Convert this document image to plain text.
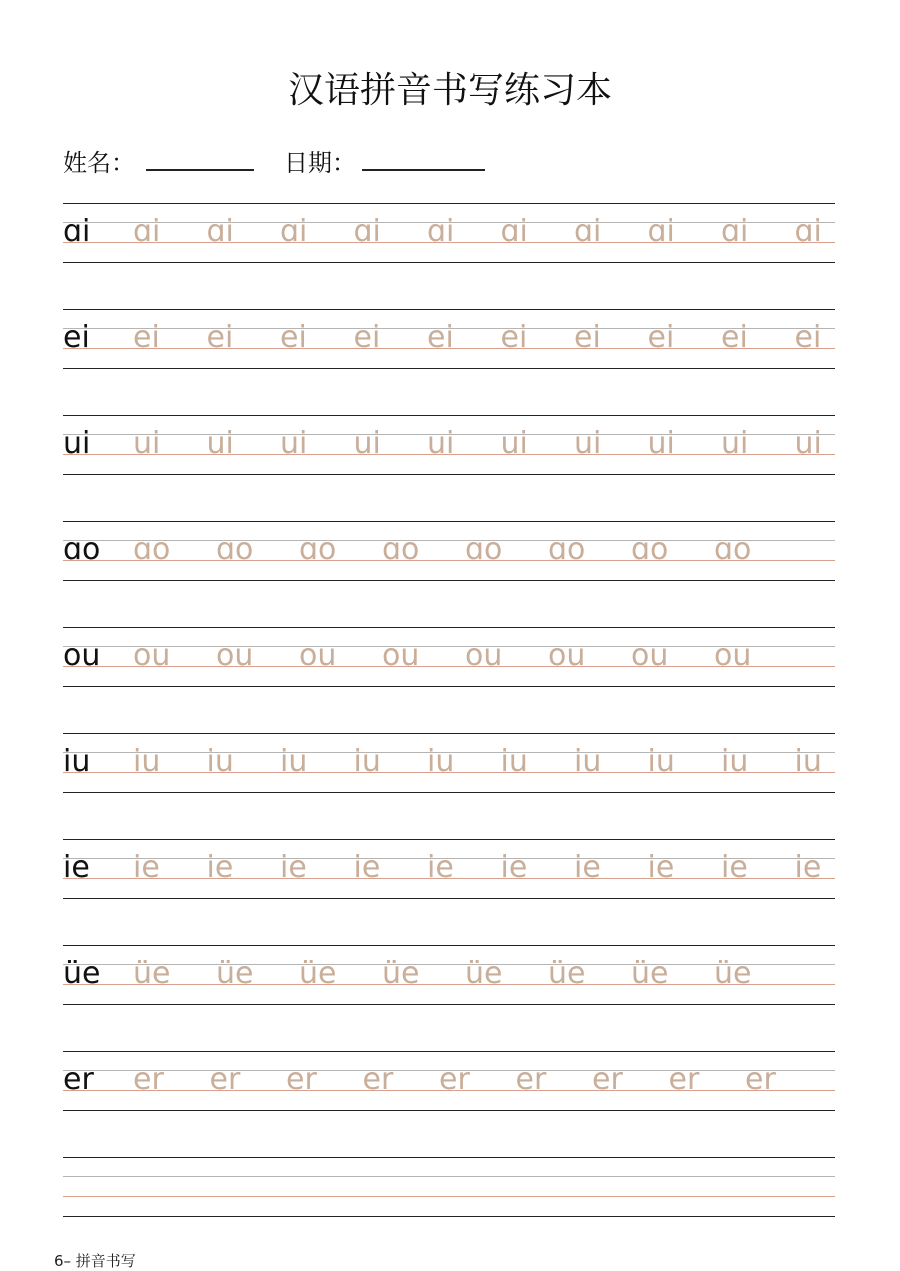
汉语拼音书写练习本
姓名：	日期：
ɑi ɑi ɑi ɑi ɑi ɑi ɑi ɑi ɑi ɑi ɑi
ei ei ei ei ei ei ei ei ei ei ei
ui ui ui ui ui ui ui ui ui ui ui
ɑo ɑo ɑo ɑo ɑo ɑo ɑo ɑo ɑo
ou ou ou ou ou ou ou ou ou
iu iu iu iu iu iu iu iu iu iu iu
ie ie ie ie ie ie ie ie ie ie ie
üe üe üe üe üe üe üe üe üe
er er er er er er er er er er
6– 拼音书写
